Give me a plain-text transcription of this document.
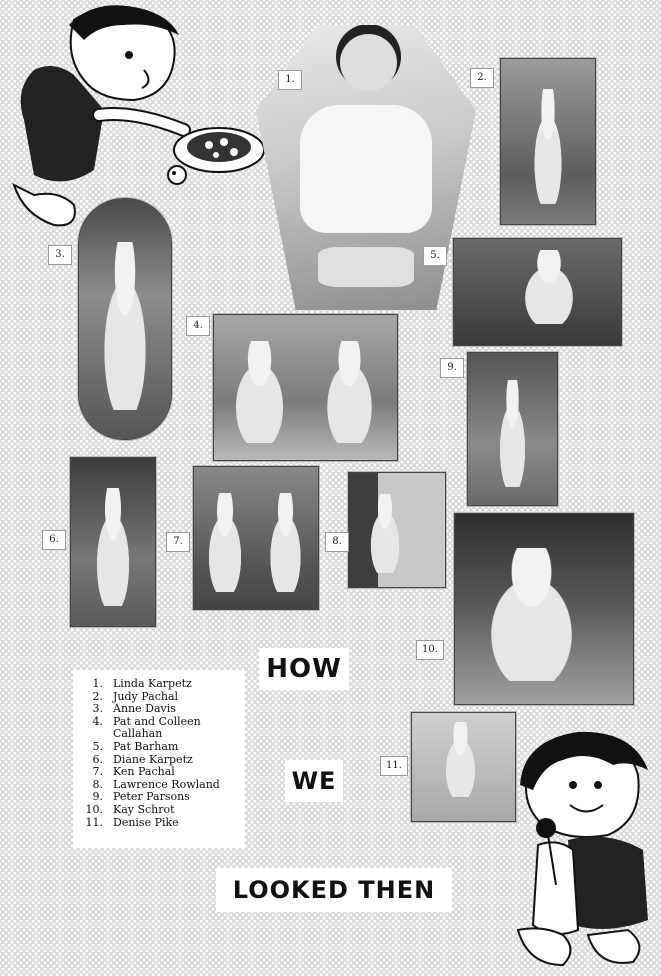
1.	2.
3.
4.
5.
9.
6.	7.	8.
10.
11.
HOW
WE
LOOKED THEN
1. Linda Karpetz
2. Judy Pachal
3. Anne Davis
4. Pat and Colleen
Callahan
5. Pat Barham
6. Diane Karpetz
7. Ken Pachal
8. Lawrence Rowland
9. Peter Parsons
10. Kay Schrot
11. Denise Pike
